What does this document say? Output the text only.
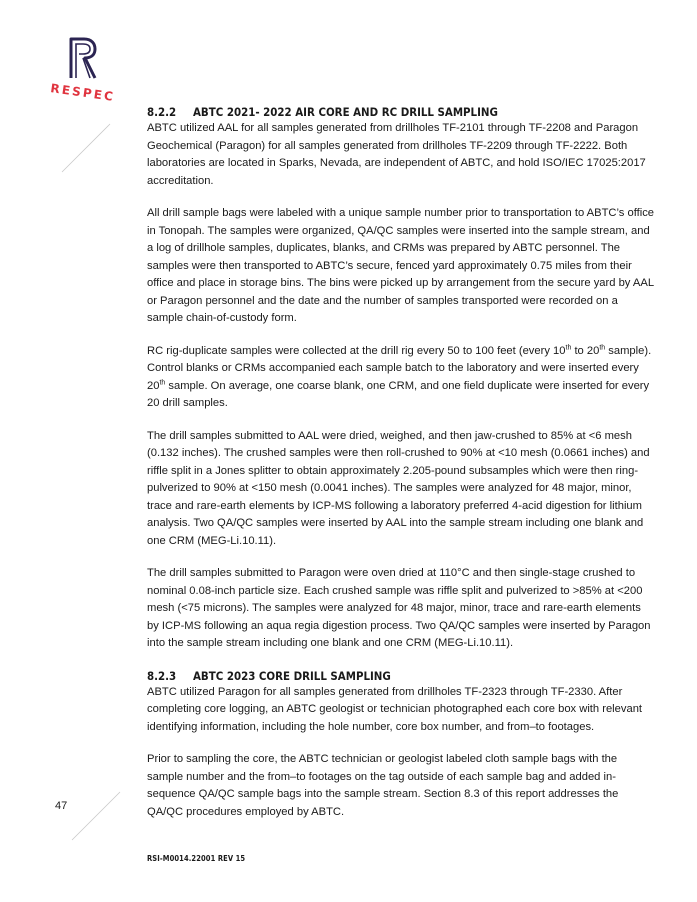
RESPEC
8.2.2 ABTC 2021- 2022 AIR CORE AND RC DRILL SAMPLING

ABTC utilized AAL for all samples generated from drillholes TF-2101 through TF-2208 and Paragon Geochemical (Paragon) for all samples generated from drillholes TF-2209 through TF-2222. Both laboratories are located in Sparks, Nevada, are independent of ABTC, and hold ISO/IEC 17025:2017 accreditation.

All drill sample bags were labeled with a unique sample number prior to transportation to ABTC’s office in Tonopah. The samples were organized, QA/QC samples were inserted into the sample stream, and a log of drillhole samples, duplicates, blanks, and CRMs was prepared by ABTC personnel. The samples were then transported to ABTC’s secure, fenced yard approximately 0.75 miles from their office and place in storage bins. The bins were picked up by arrangement from the secure yard by AAL or Paragon personnel and the date and the number of samples transported were recorded on a sample chain-of-custody form.

RC rig-duplicate samples were collected at the drill rig every 50 to 100 feet (every 10th to 20th sample). Control blanks or CRMs accompanied each sample batch to the laboratory and were inserted every 20th sample. On average, one coarse blank, one CRM, and one field duplicate were inserted for every 20 drill samples.

The drill samples submitted to AAL were dried, weighed, and then jaw-crushed to 85% at <6 mesh (0.132 inches). The crushed samples were then roll-crushed to 90% at <10 mesh (0.0661 inches) and riffle split in a Jones splitter to obtain approximately 2.205-pound subsamples which were then ring-pulverized to 90% at <150 mesh (0.0041 inches). The samples were analyzed for 48 major, minor, trace and rare-earth elements by ICP-MS following a laboratory preferred 4-acid digestion for lithium analysis. Two QA/QC samples were inserted by AAL into the sample stream including one blank and one CRM (MEG-Li.10.11).

The drill samples submitted to Paragon were oven dried at 110°C and then single-stage crushed to nominal 0.08-inch particle size. Each crushed sample was riffle split and pulverized to >85% at <200 mesh (<75 microns). The samples were analyzed for 48 major, minor, trace and rare-earth elements by ICP-MS following an aqua regia digestion process. Two QA/QC samples were inserted by Paragon into the sample stream including one blank and one CRM (MEG-Li.10.11).

8.2.3 ABTC 2023 CORE DRILL SAMPLING

ABTC utilized Paragon for all samples generated from drillholes TF-2323 through TF-2330. After completing core logging, an ABTC geologist or technician photographed each core box with relevant identifying information, including the hole number, core box number, and from–to footages.

Prior to sampling the core, the ABTC technician or geologist labeled cloth sample bags with the sample number and the from–to footages on the tag outside of each sample bag and added in-sequence QA/QC sample bags into the sample stream. Section 8.3 of this report addresses the QA/QC procedures employed by ABTC.

47
RSI-M0014.22001 REV 15
